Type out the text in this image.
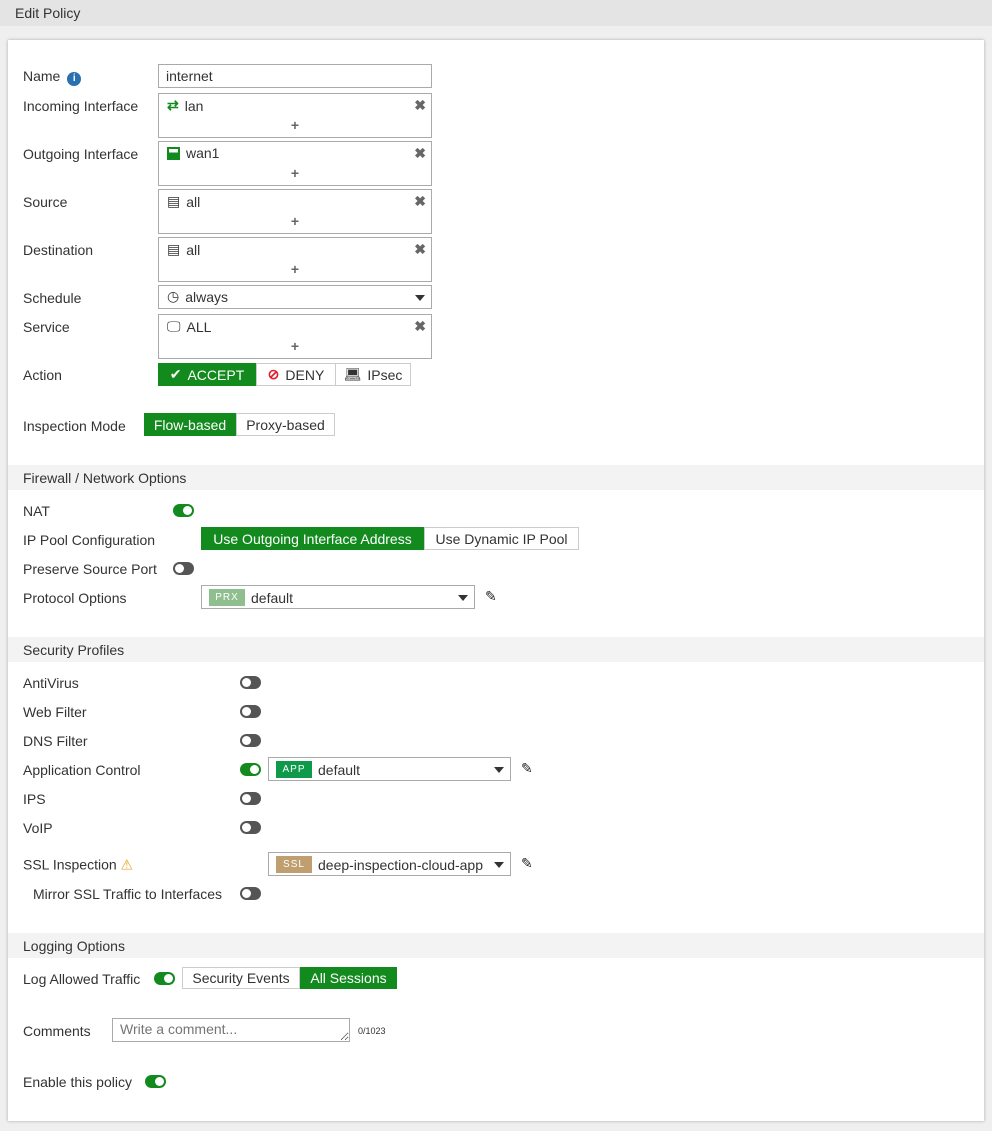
Edit Policy
Name i
internet
Incoming Interface ⇄ lan	✖
+
Outgoing Interface	wan1	✖
+
Source	▤ all	✖
+
Destination	▤ all	✖
+
Schedule	◷ always
Service	🖵 ALL	✖
+
Action	✔ ACCEPT ⊘ DENY 💻︎ IPsec
Inspection Mode	Flow-based	Proxy-based
Firewall / Network Options
NAT
IP Pool Configuration	Use Outgoing Interface Address	Use Dynamic IP Pool
Preserve Source Port
Protocol Options	PRX default	✎
Security Profiles
AntiVirus
Web Filter
DNS Filter
Application Control	APP default	✎
IPS
VoIP
SSL Inspection ⚠	SSL deep-inspection-cloud-app	✎
Mirror SSL Traffic to Interfaces
Logging Options
Log Allowed Traffic	Security Events	All Sessions
Comments
Write a comment...	0/1023
Enable this policy
